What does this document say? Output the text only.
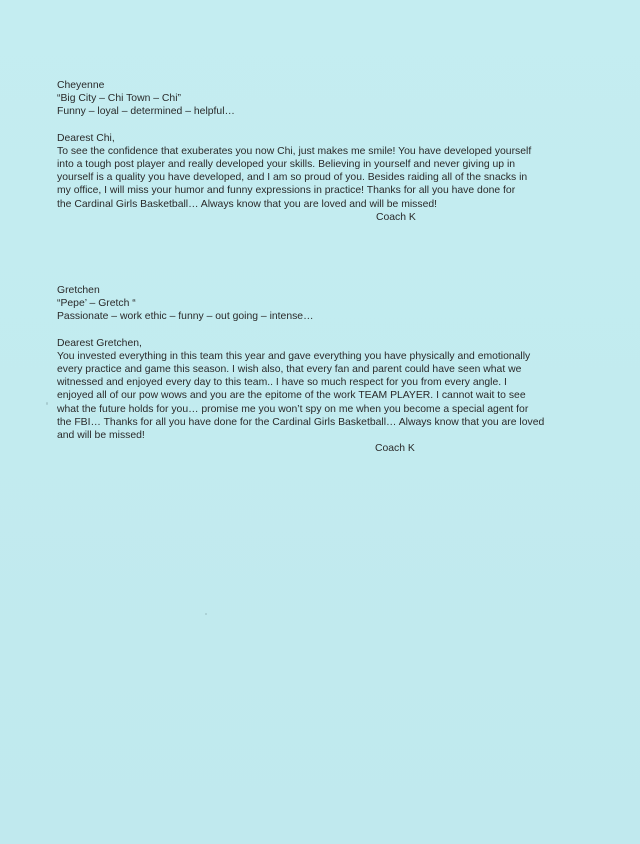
Cheyenne

“Big City – Chi Town – Chi”

Funny – loyal – determined – helpful…

Dearest Chi,

To see the confidence that exuberates you now Chi, just makes me smile! You have developed yourself

into a tough post player and really developed your skills. Believing in yourself and never giving up in

yourself is a quality you have developed, and I am so proud of you. Besides raiding all of the snacks in

my office, I will miss your humor and funny expressions in practice! Thanks for all you have done for

the Cardinal Girls Basketball… Always know that you are loved and will be missed!

Coach K

Gretchen

“Pepe’ – Gretch “

Passionate – work ethic – funny – out going – intense…

Dearest Gretchen,

You invested everything in this team this year and gave everything you have physically and emotionally

every practice and game this season. I wish also, that every fan and parent could have seen what we

witnessed and enjoyed every day to this team.. I have so much respect for you from every angle. I

enjoyed all of our pow wows and you are the epitome of the work TEAM PLAYER. I cannot wait to see

what the future holds for you… promise me you won’t spy on me when you become a special agent for

the FBI… Thanks for all you have done for the Cardinal Girls Basketball… Always know that you are loved

and will be missed!

Coach K
